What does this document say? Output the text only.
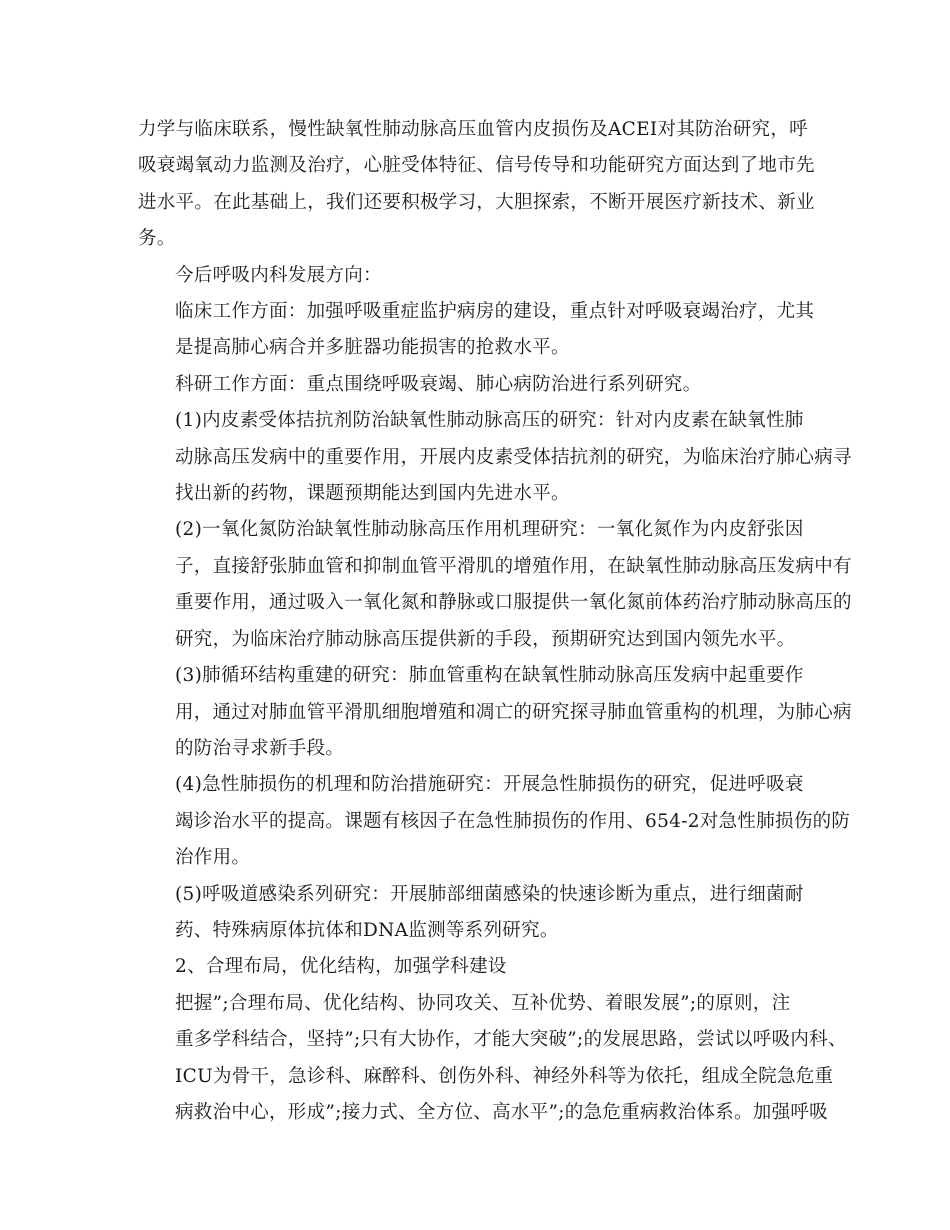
力学与临床联系，慢性缺氧性肺动脉高压血管内皮损伤及ACEI对其防治研究，呼
吸衰竭氧动力监测及治疗，心脏受体特征、信号传导和功能研究方面达到了地市先
进水平。在此基础上，我们还要积极学习，大胆探索，不断开展医疗新技术、新业
务。

今后呼吸内科发展方向：

临床工作方面：加强呼吸重症监护病房的建设，重点针对呼吸衰竭治疗，尤其
是提高肺心病合并多脏器功能损害的抢救水平。

科研工作方面：重点围绕呼吸衰竭、肺心病防治进行系列研究。

(1)内皮素受体拮抗剂防治缺氧性肺动脉高压的研究：针对内皮素在缺氧性肺
动脉高压发病中的重要作用，开展内皮素受体拮抗剂的研究，为临床治疗肺心病寻
找出新的药物，课题预期能达到国内先进水平。

(2)一氧化氮防治缺氧性肺动脉高压作用机理研究：一氧化氮作为内皮舒张因
子，直接舒张肺血管和抑制血管平滑肌的增殖作用，在缺氧性肺动脉高压发病中有
重要作用，通过吸入一氧化氮和静脉或口服提供一氧化氮前体药治疗肺动脉高压的

研究，为临床治疗肺动脉高压提供新的手段，预期研究达到国内领先水平。

(3)肺循环结构重建的研究：肺血管重构在缺氧性肺动脉高压发病中起重要作
用，通过对肺血管平滑肌细胞增殖和凋亡的研究探寻肺血管重构的机理，为肺心病
的防治寻求新手段。

(4)急性肺损伤的机理和防治措施研究：开展急性肺损伤的研究，促进呼吸衰
竭诊治水平的提高。课题有核因子在急性肺损伤的作用、654-2对急性肺损伤的防
治作用。

(5)呼吸道感染系列研究：开展肺部细菌感染的快速诊断为重点，进行细菌耐
药、特殊病原体抗体和DNA监测等系列研究。

2、合理布局，优化结构，加强学科建设

把握”;合理布局、优化结构、协同攻关、互补优势、着眼发展”;的原则，注
重多学科结合，坚持”;只有大协作，才能大突破”;的发展思路，尝试以呼吸内科、
ICU为骨干，急诊科、麻醉科、创伤外科、神经外科等为依托，组成全院急危重
病救治中心，形成”;接力式、全方位、高水平”;的急危重病救治体系。加强呼吸
